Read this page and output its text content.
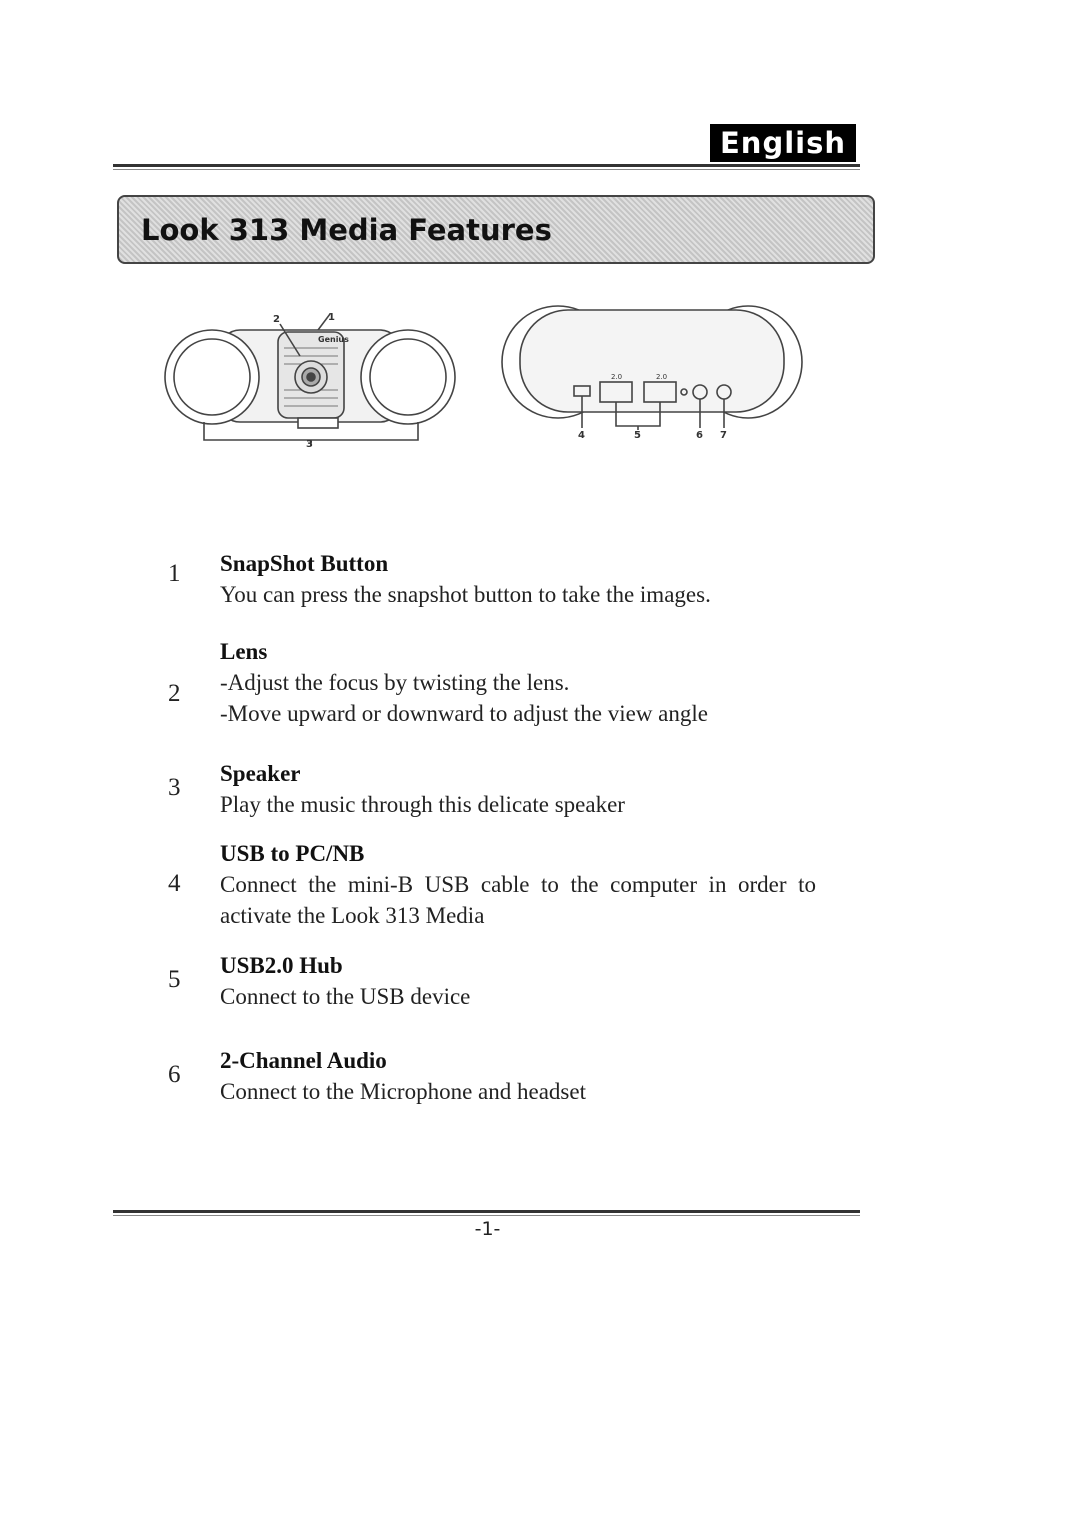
English
Look 313 Media Features
Genius
2	1
3
2.0	2.0
4	5	6 7
1 SnapShot Button
You can press the snapshot button to take the images.
2
Lens
-Adjust the focus by twisting the lens.
-Move upward or downward to adjust the view angle
3
Speaker
Play the music through this delicate speaker
4
USB to PC/NB
Connect the mini-B USB cable to the computer in order to activate the Look 313 Media
5
USB2.0 Hub
Connect to the USB device
6
2-Channel Audio
Connect to the Microphone and headset
-1-
